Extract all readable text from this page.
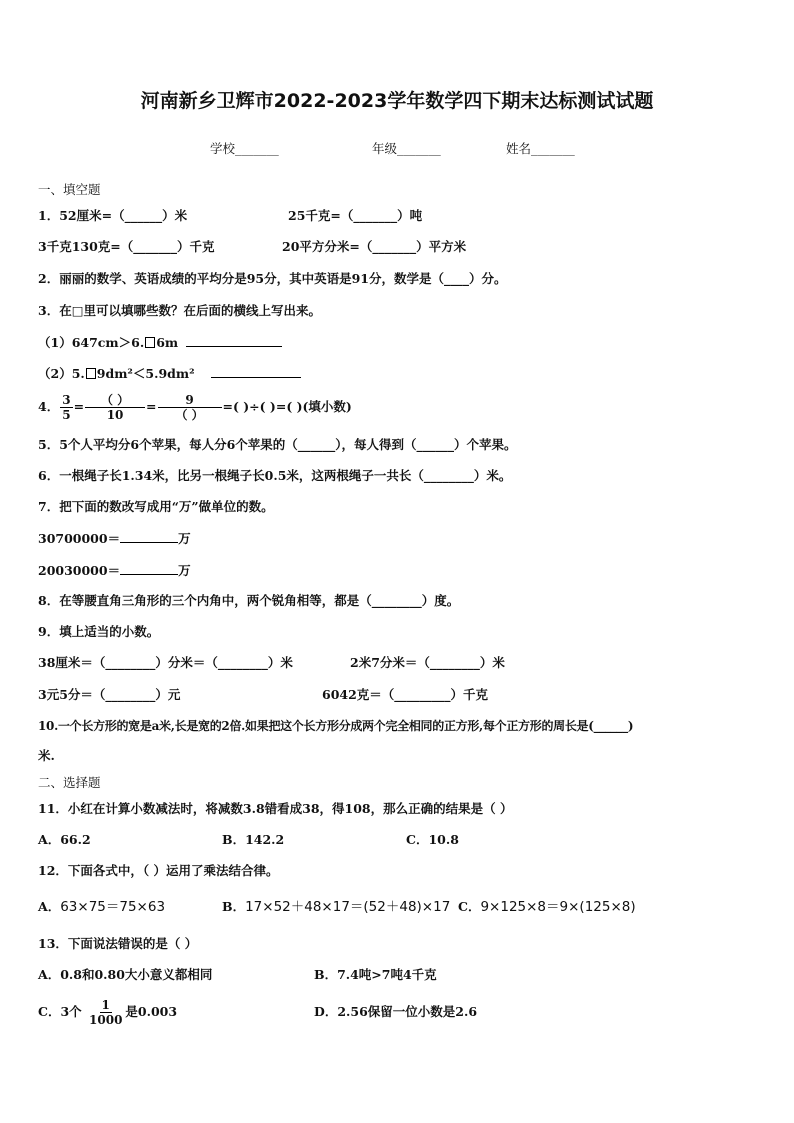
河南新乡卫辉市2022-2023学年数学四下期末达标测试试题
学校_______	年级_______	姓名_______
一、填空题
1．52厘米=（______）米	25千克=（_______）吨
3千克130克=（_______）千克	20平方分米=（_______）平方米
2．丽丽的数学、英语成绩的平均分是95分，其中英语是91分，数学是（____）分。
3．在□里可以填哪些数？在后面的横线上写出来。
（1）647cm＞6. 6m
（2）5. 9dm²＜5.9dm²
4． $\frac{3}{5} = \frac{( )}{10} = \frac{9}{( )}$ =( )÷( )=( )(填小数)
5．5个人平均分6个苹果，每人分6个苹果的（______），每人得到（______）个苹果。
6．一根绳子长1.34米，比另一根绳子长0.5米，这两根绳子一共长（________）米。
7．把下面的数改写成用“万”做单位的数。
30700000＝	万
20030000＝	万
8．在等腰直角三角形的三个内角中，两个锐角相等，都是（________）度。
9．填上适当的小数。
38厘米＝（________）分米＝（________）米	2米7分米＝（________）米
3元5分＝（________）元	6042克＝（_________）千克
10.一个长方形的宽是a米,长是宽的2倍.如果把这个长方形分成两个完全相同的正方形,每个正方形的周长是(______)
米.
二、选择题
11．小红在计算小数减法时，将减数3.8错看成38，得108，那么正确的结果是（ ）
A．66.2	B．142.2	C．10.8
12．下面各式中，（ ）运用了乘法结合律。
A．63×75＝75×63	B．17×52＋48×17＝(52＋48)×17 C．9×125×8＝9×(125×8)
13．下面说法错误的是（ ）
A．0.8和0.80大小意义都相同	B．7.4吨>7吨4千克
C．3个 $\frac{1}{1000}$ 是0.003	D．2.56保留一位小数是2.6
